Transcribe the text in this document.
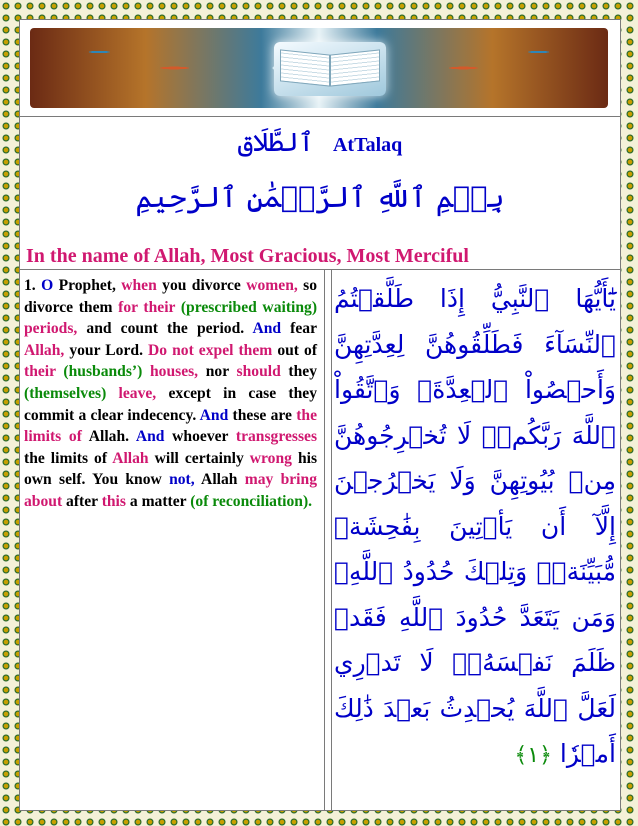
ٱلطَّلَاق AtTalaq
بِسۡمِ ٱللَّهِ ٱلرَّحۡمَٰنِ ٱلرَّحِيمِ
In the name of Allah, Most Gracious, Most Merciful
1. O Prophet, when you divorce women, so divorce them for their (prescribed waiting) periods, and count the period. And fear Allah, your Lord. Do not expel them out of their (husbands’) houses, nor should they (themselves) leave, except in case they commit a clear indecency. And these are the limits of Allah. And whoever transgresses the limits of Allah will certainly wrong his own self. You know not, Allah may bring about after this a matter (of reconciliation).
يَٰٓأَيُّهَا ٱلنَّبِيُّ إِذَا طَلَّقۡتُمُ ٱلنِّسَآءَ فَطَلِّقُوهُنَّ لِعِدَّتِهِنَّ وَأَحۡصُواْ ٱلۡعِدَّةَۖ وَٱتَّقُواْ ٱللَّهَ رَبَّكُمۡۖ لَا تُخۡرِجُوهُنَّ مِنۢ بُيُوتِهِنَّ وَلَا يَخۡرُجۡنَ إِلَّآ أَن يَأۡتِينَ بِفَٰحِشَةٖ مُّبَيِّنَةٖۚ وَتِلۡكَ حُدُودُ ٱللَّهِۚ وَمَن يَتَعَدَّ حُدُودَ ٱللَّهِ فَقَدۡ ظَلَمَ نَفۡسَهُۥۚ لَا تَدۡرِي لَعَلَّ ٱللَّهَ يُحۡدِثُ بَعۡدَ ذَٰلِكَ أَمۡرٗا ﴿١﴾
